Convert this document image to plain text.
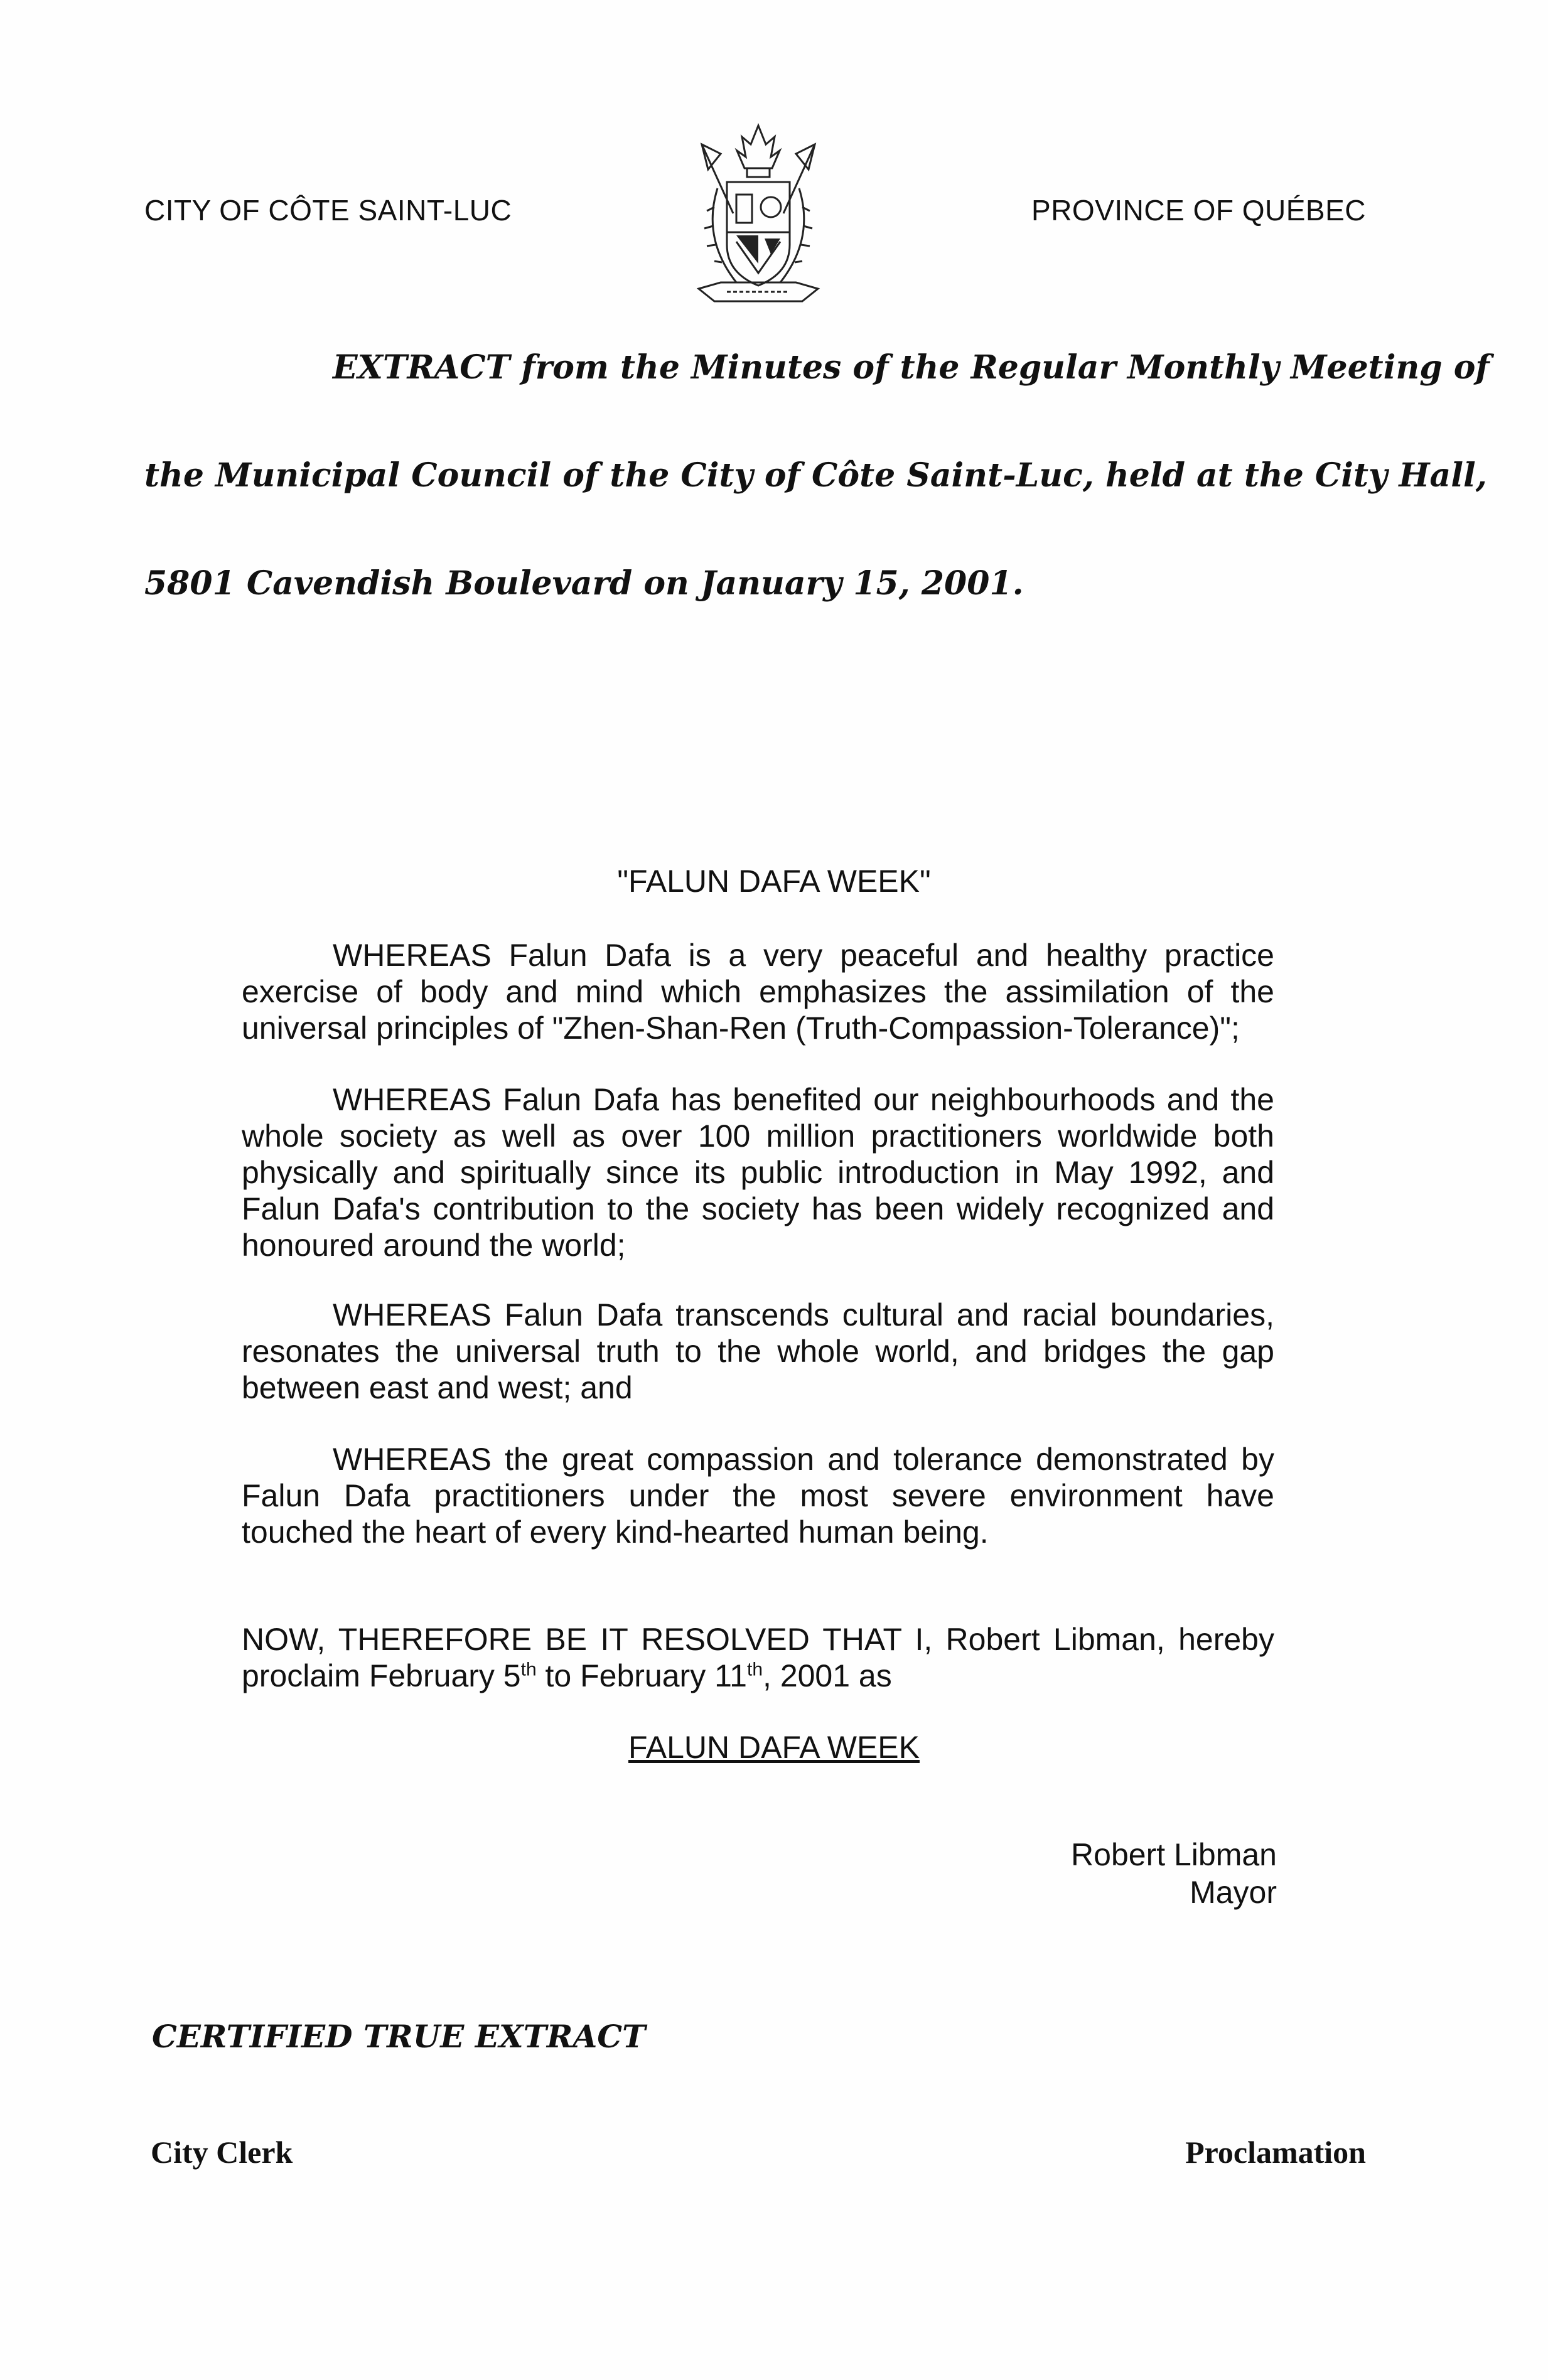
CITY OF CÔTE SAINT-LUC	PROVINCE OF QUÉBEC
EXTRACT from the Minutes of the Regular Monthly Meeting of
the Municipal Council of the City of Côte Saint-Luc, held at the City Hall,
5801 Cavendish Boulevard on January 15, 2001.
"FALUN DAFA WEEK"
WHEREAS Falun Dafa is a very peaceful and healthy practice exercise of body and mind which emphasizes the assimilation of the universal principles of "Zhen-Shan-Ren (Truth-Compassion-Tolerance)";
WHEREAS Falun Dafa has benefited our neighbourhoods and the whole society as well as over 100 million practitioners worldwide both physically and spiritually since its public introduction in May 1992, and Falun Dafa's contribution to the society has been widely recognized and honoured around the world;
WHEREAS Falun Dafa transcends cultural and racial boundaries, resonates the universal truth to the whole world, and bridges the gap between east and west; and
WHEREAS the great compassion and tolerance demonstrated by Falun Dafa practitioners under the most severe environment have touched the heart of every kind-hearted human being.
NOW, THEREFORE BE IT RESOLVED THAT I, Robert Libman, hereby proclaim February 5th to February 11th, 2001 as
FALUN DAFA WEEK
Robert Libman
Mayor
CERTIFIED TRUE EXTRACT
City Clerk	Proclamation
